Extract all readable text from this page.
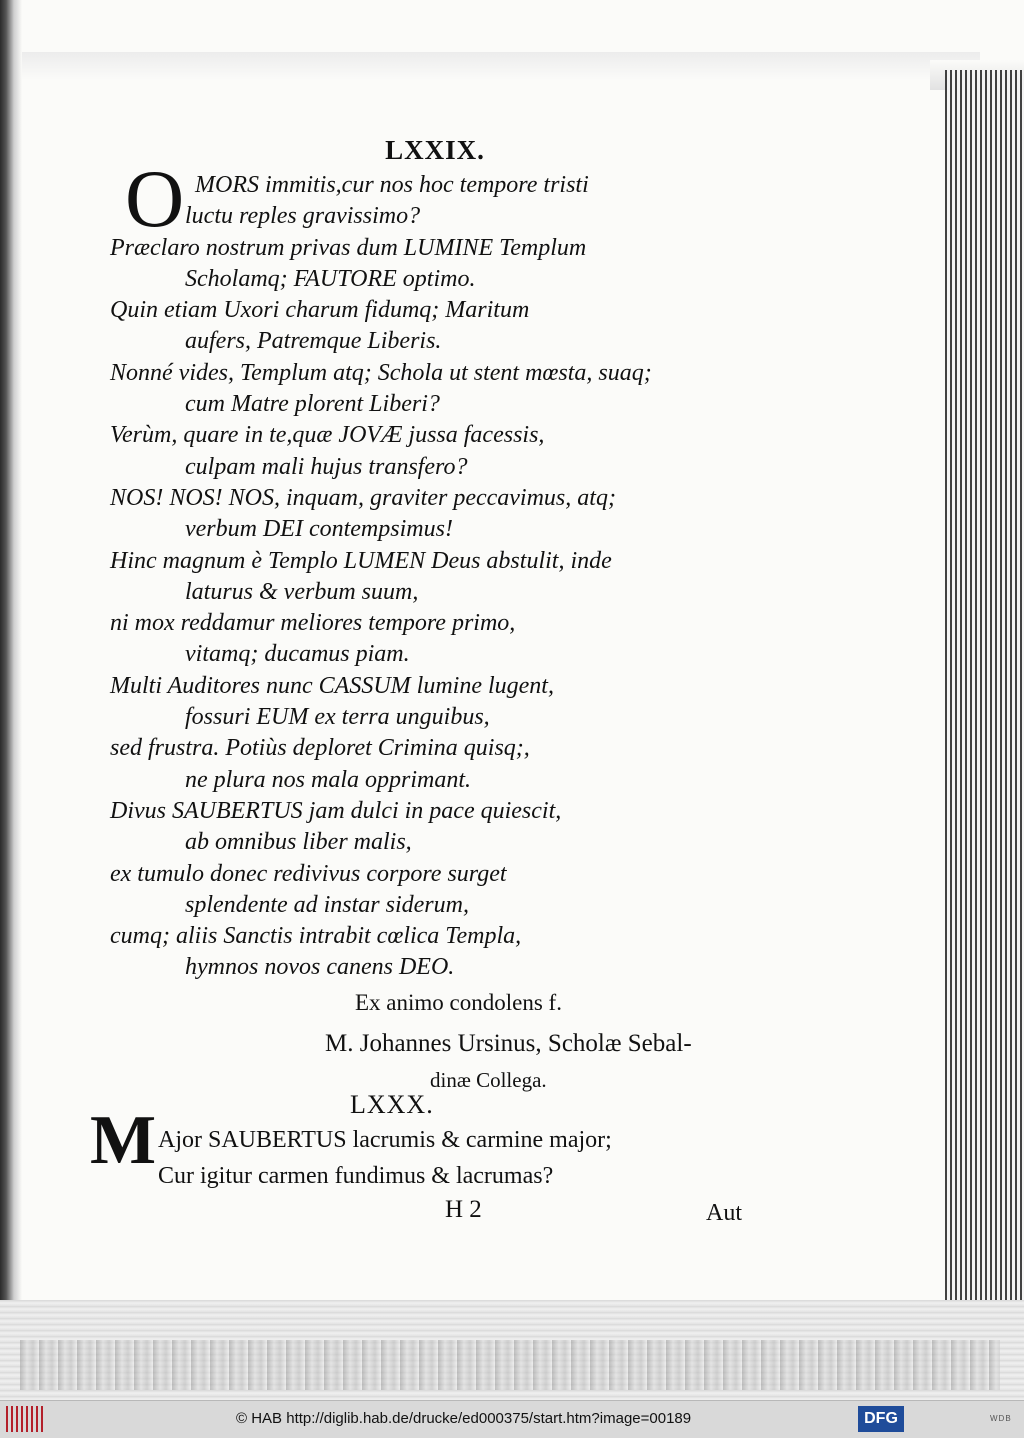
LXXIX.
O MORS immitis,cur nos hoc tempore tristi
luctu reples gravissimo?
Præclaro nostrum privas dum LUMINE Templum
Scholamq; FAUTORE optimo.
Quin etiam Uxori charum fidumq; Maritum
aufers, Patremque Liberis.
Nonné vides, Templum atq; Schola ut stent mœsta, suaq;
cum Matre plorent Liberi?
Verùm, quare in te,quæ JOVÆ jussa facessis,
culpam mali hujus transfero?
NOS! NOS! NOS, inquam, graviter peccavimus, atq;
verbum DEI contempsimus!
Hinc magnum è Templo LUMEN Deus abstulit, inde
laturus & verbum suum,
ni mox reddamur meliores tempore primo,
vitamq; ducamus piam.
Multi Auditores nunc CASSUM lumine lugent,
fossuri EUM ex terra unguibus,
sed frustra. Potiùs deploret Crimina quisq;,
ne plura nos mala opprimant.
Divus SAUBERTUS jam dulci in pace quiescit,
ab omnibus liber malis,
ex tumulo donec redivivus corpore surget
splendente ad instar siderum,
cumq; aliis Sanctis intrabit cœlica Templa,
hymnos novos canens DEO.
Ex animo condolens f.
M. Johannes Ursinus, Scholæ Sebal-
dinæ Collega.
LXXX.
M Ajor SAUBERTUS lacrumis & carmine major;
Cur igitur carmen fundimus & lacrumas?
H 2	Aut
© HAB http://diglib.hab.de/drucke/ed000375/start.htm?image=00189	DFG	WDB
